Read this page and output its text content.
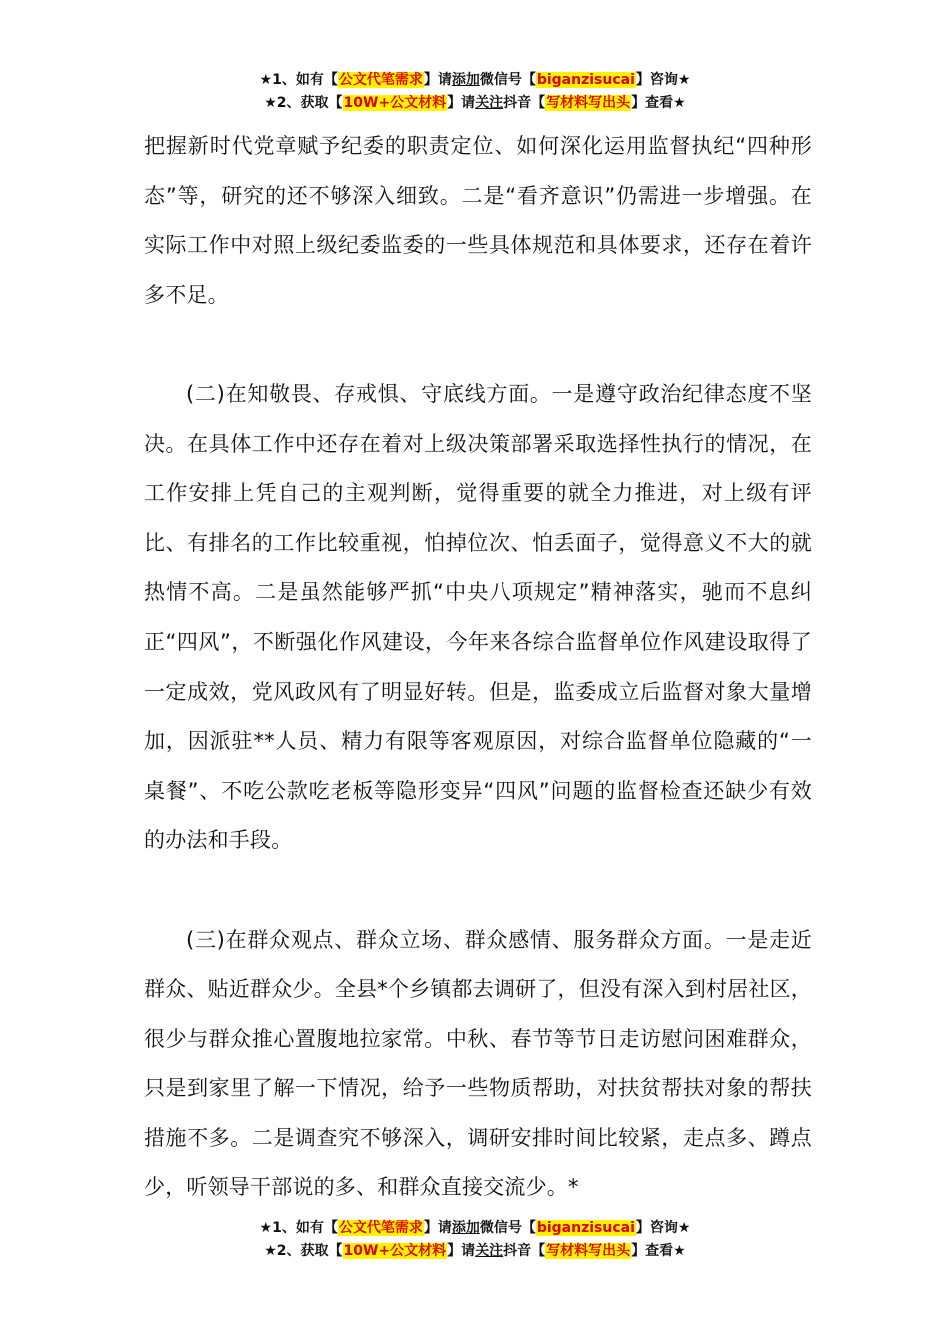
★1、如有【公文代笔需求】请添加微信号【biganzisucai】咨询★
★2、获取【10W+公文材料】请关注抖音【写材料写出头】查看★

把握新时代党章赋予纪委的职责定位、如何深化运用监督执纪“四种形态”等，研究的还不够深入细致。二是“看齐意识”仍需进一步增强。在实际工作中对照上级纪委监委的一些具体规范和具体要求，还存在着许多不足。

(二)在知敬畏、存戒惧、守底线方面。一是遵守政治纪律态度不坚决。在具体工作中还存在着对上级决策部署采取选择性执行的情况，在工作安排上凭自己的主观判断，觉得重要的就全力推进，对上级有评比、有排名的工作比较重视，怕掉位次、怕丢面子，觉得意义不大的就热情不高。二是虽然能够严抓“中央八项规定”精神落实，驰而不息纠正“四风”，不断强化作风建设，今年来各综合监督单位作风建设取得了一定成效，党风政风有了明显好转。但是，监委成立后监督对象大量增加，因派驻**人员、精力有限等客观原因，对综合监督单位隐藏的“一桌餐”、不吃公款吃老板等隐形变异“四风”问题的监督检查还缺少有效的办法和手段。

(三)在群众观点、群众立场、群众感情、服务群众方面。一是走近群众、贴近群众少。全县*个乡镇都去调研了，但没有深入到村居社区，很少与群众推心置腹地拉家常。中秋、春节等节日走访慰问困难群众，只是到家里了解一下情况，给予一些物质帮助，对扶贫帮扶对象的帮扶措施不多。二是调查究不够深入，调研安排时间比较紧，走点多、蹲点少，听领导干部说的多、和群众直接交流少。*

★1、如有【公文代笔需求】请添加微信号【biganzisucai】咨询★
★2、获取【10W+公文材料】请关注抖音【写材料写出头】查看★
